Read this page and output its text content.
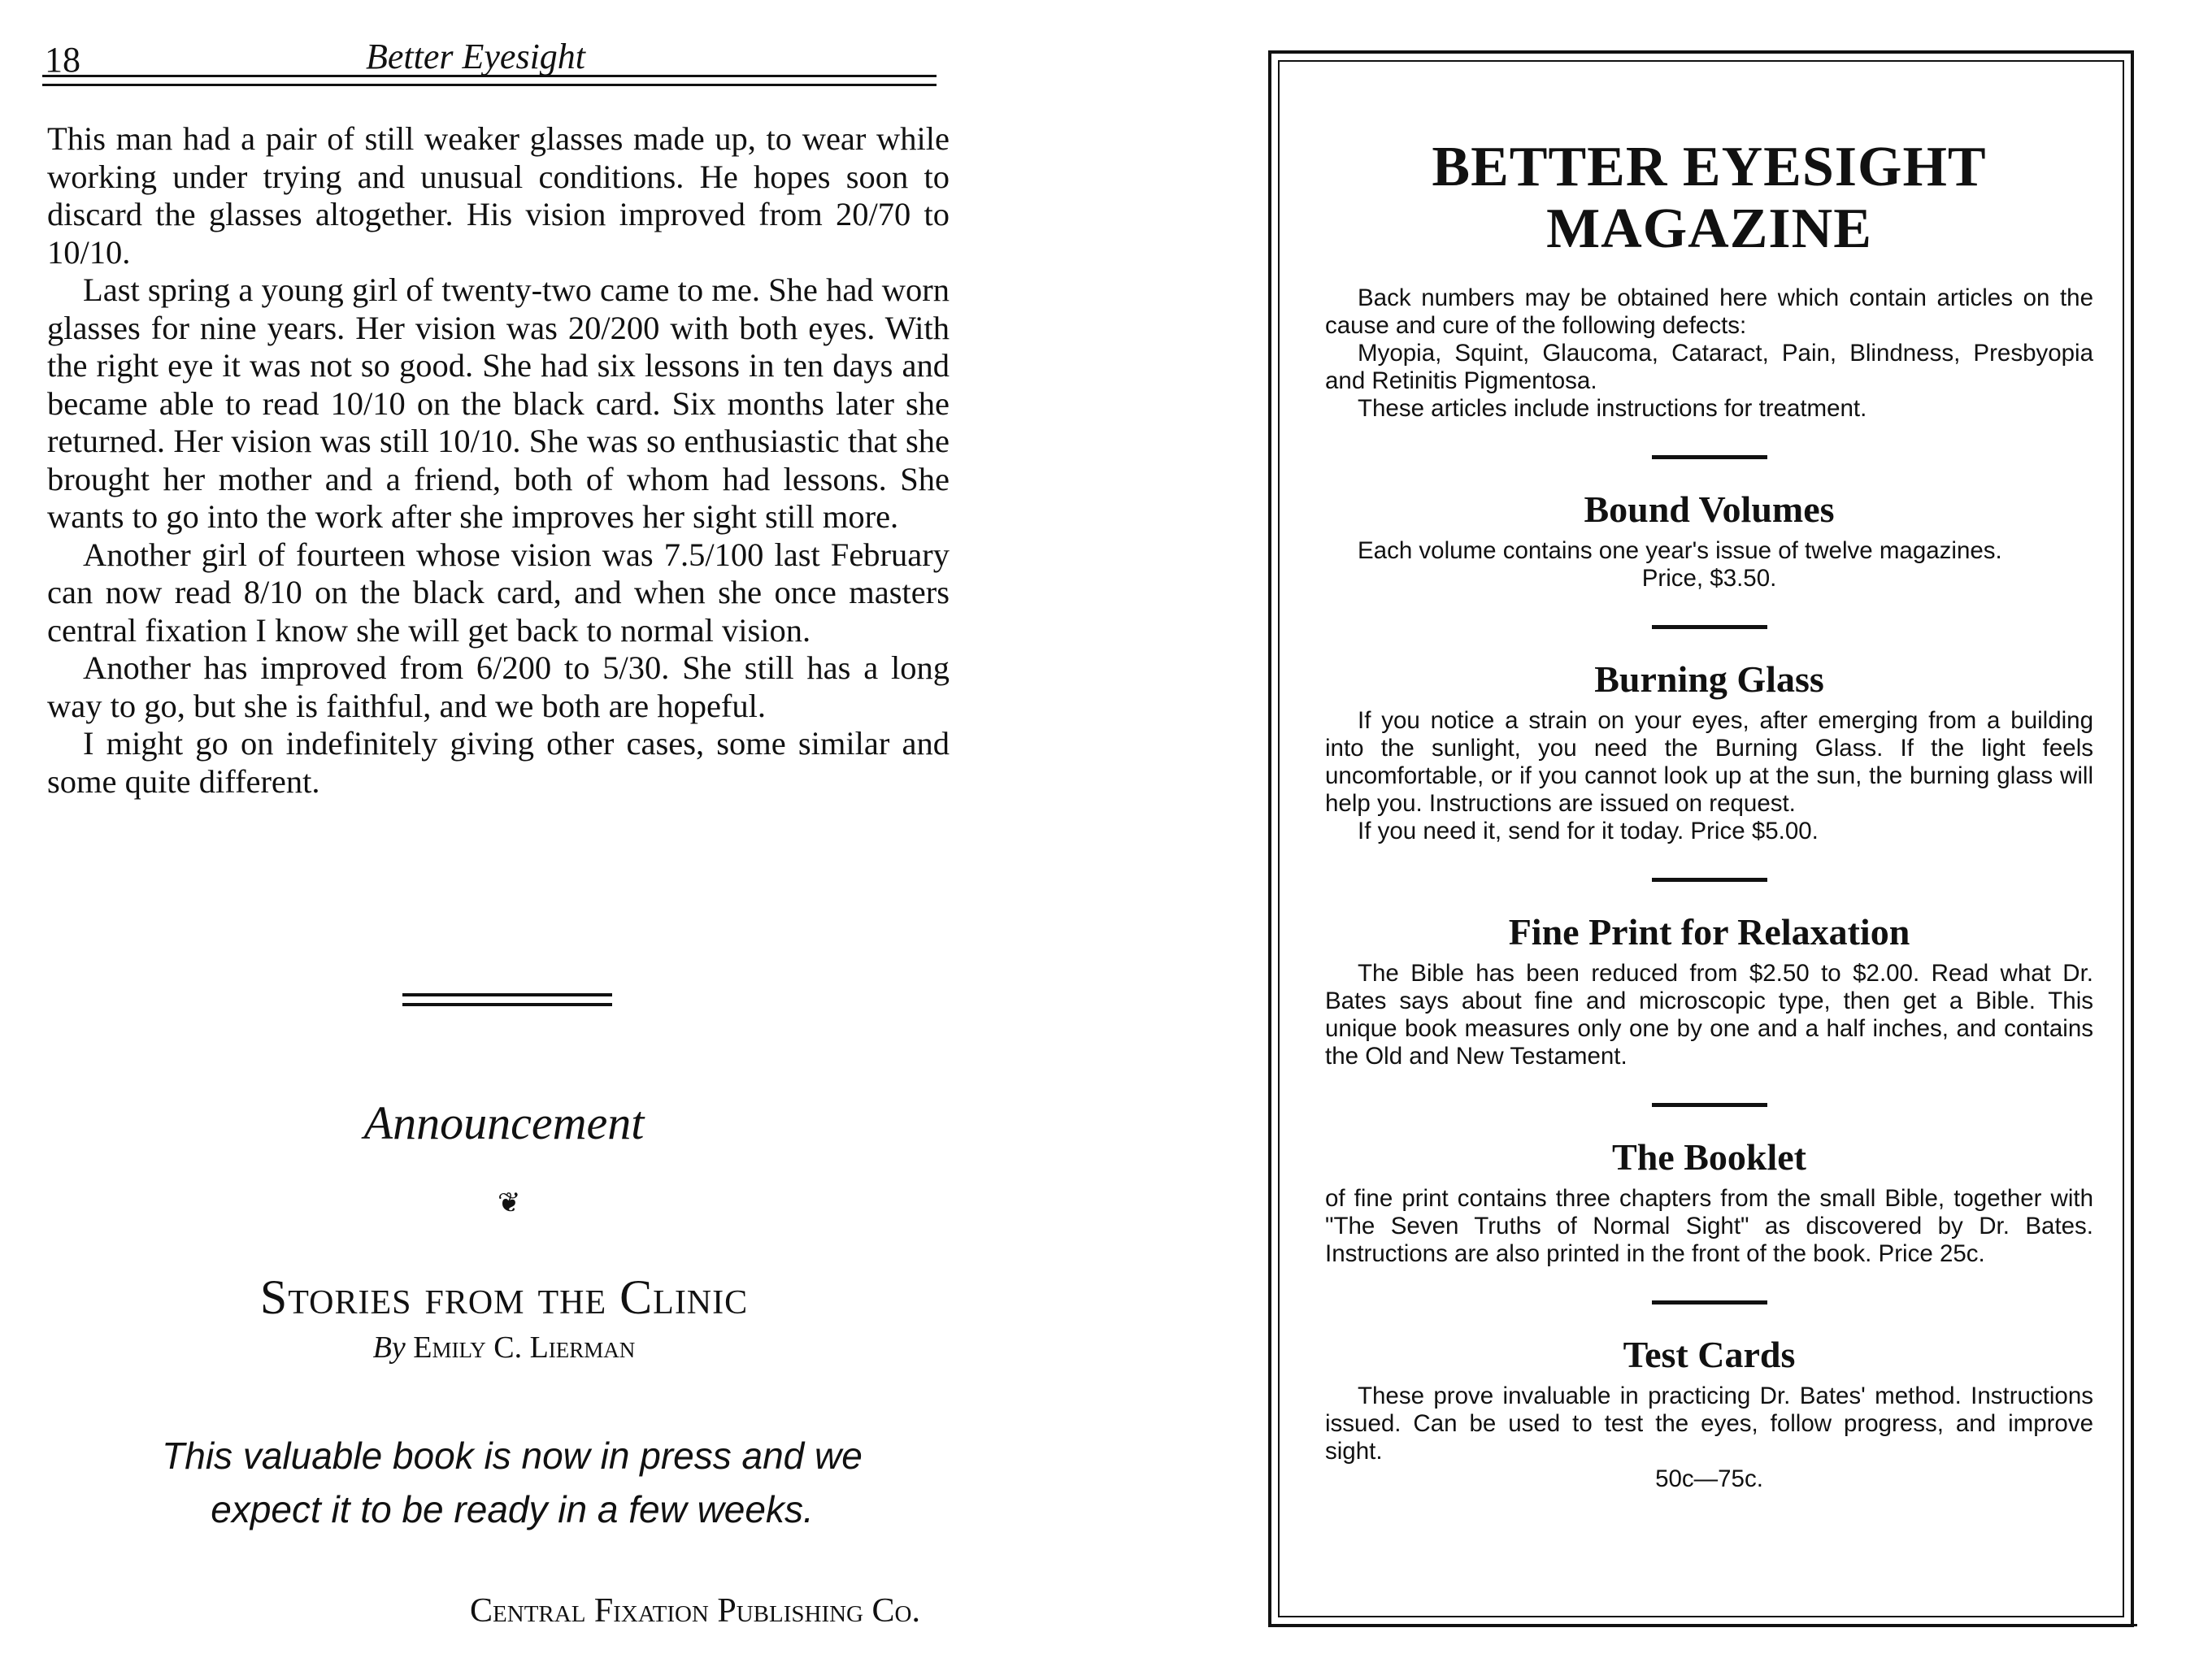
18	Better Eyesight

This man had a pair of still weaker glasses made up, to wear while working under trying and unusual conditions. He hopes soon to discard the glasses altogether. His vision improved from 20/70 to 10/10.

Last spring a young girl of twenty-two came to me. She had worn glasses for nine years. Her vision was 20/200 with both eyes. With the right eye it was not so good. She had six lessons in ten days and became able to read 10/10 on the black card. Six months later she returned. Her vision was still 10/10. She was so enthusiastic that she brought her mother and a friend, both of whom had lessons. She wants to go into the work after she improves her sight still more.

Another girl of fourteen whose vision was 7.5/100 last February can now read 8/10 on the black card, and when she once masters central fixation I know she will get back to normal vision.

Another has improved from 6/200 to 5/30. She still has a long way to go, but she is faithful, and we both are hopeful.

I might go on indefinitely giving other cases, some similar and some quite different.

Announcement
❦
Stories from the Clinic
By Emily C. Lierman
This valuable book is now in press and we
expect it to be ready in a few weeks.
Central Fixation Publishing Co.
BETTER EYESIGHT
MAGAZINE

Back numbers may be obtained here which contain articles on the cause and cure of the following defects:

Myopia, Squint, Glaucoma, Cataract, Pain, Blindness, Presbyopia and Retinitis Pigmentosa.

These articles include instructions for treatment.

Bound Volumes

Each volume contains one year's issue of twelve magazines.

Price, $3.50.

Burning Glass

If you notice a strain on your eyes, after emerging from a building into the sunlight, you need the Burning Glass. If the light feels uncomfortable, or if you cannot look up at the sun, the burning glass will help you. Instructions are issued on request.

If you need it, send for it today. Price $5.00.

Fine Print for Relaxation

The Bible has been reduced from $2.50 to $2.00. Read what Dr. Bates says about fine and microscopic type, then get a Bible. This unique book measures only one by one and a half inches, and contains the Old and New Testament.

The Booklet

of fine print contains three chapters from the small Bible, together with "The Seven Truths of Normal Sight" as discovered by Dr. Bates. Instructions are also printed in the front of the book. Price 25c.

Test Cards

These prove invaluable in practicing Dr. Bates' method. Instructions issued. Can be used to test the eyes, follow progress, and improve sight.

50c—75c.
